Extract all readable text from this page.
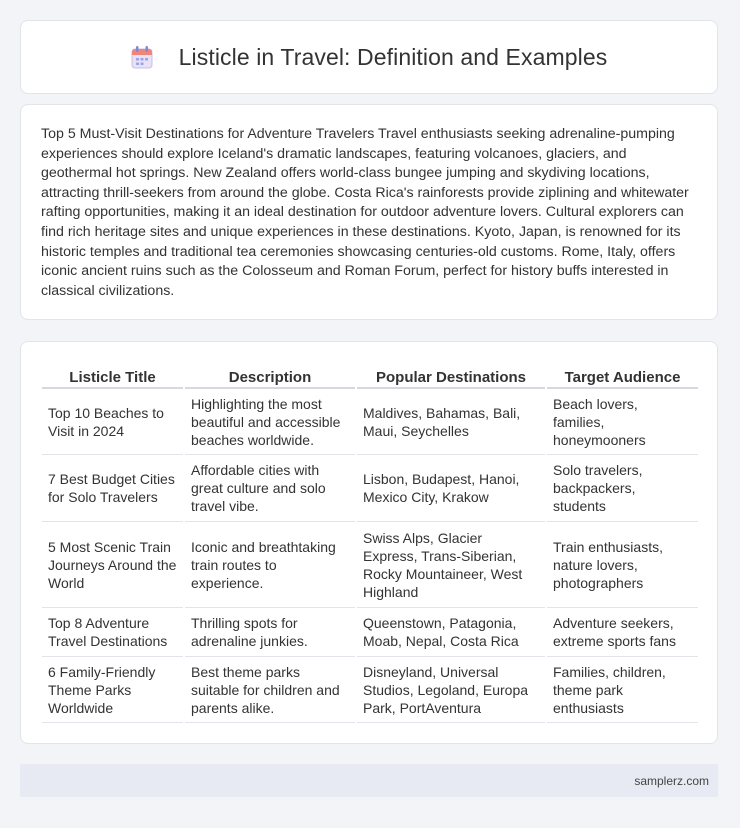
Listicle in Travel: Definition and Examples

Top 5 Must-Visit Destinations for Adventure Travelers Travel enthusiasts seeking adrenaline-pumping experiences should explore Iceland's dramatic landscapes, featuring volcanoes, glaciers, and geothermal hot springs. New Zealand offers world-class bungee jumping and skydiving locations, attracting thrill-seekers from around the globe. Costa Rica's rainforests provide ziplining and whitewater rafting opportunities, making it an ideal destination for outdoor adventure lovers. Cultural explorers can find rich heritage sites and unique experiences in these destinations. Kyoto, Japan, is renowned for its historic temples and traditional tea ceremonies showcasing centuries-old customs. Rome, Italy, offers iconic ancient ruins such as the Colosseum and Roman Forum, perfect for history buffs interested in classical civilizations.

Listicle Title	Description	Popular Destinations	Target Audience
Top 10 Beaches to Visit in 2024	Highlighting the most beautiful and accessible beaches worldwide.	Maldives, Bahamas, Bali, Maui, Seychelles	Beach lovers, families, honeymooners
7 Best Budget Cities for Solo Travelers	Affordable cities with great culture and solo travel vibe.	Lisbon, Budapest, Hanoi, Mexico City, Krakow	Solo travelers, backpackers, students
5 Most Scenic Train Journeys Around the World	Iconic and breathtaking train routes to experience.	Swiss Alps, Glacier Express, Trans-Siberian, Rocky Mountaineer, West Highland	Train enthusiasts, nature lovers, photographers
Top 8 Adventure Travel Destinations	Thrilling spots for adrenaline junkies.	Queenstown, Patagonia, Moab, Nepal, Costa Rica	Adventure seekers, extreme sports fans
6 Family-Friendly Theme Parks Worldwide	Best theme parks suitable for children and parents alike.	Disneyland, Universal Studios, Legoland, Europa Park, PortAventura	Families, children, theme park enthusiasts
samplerz.com
